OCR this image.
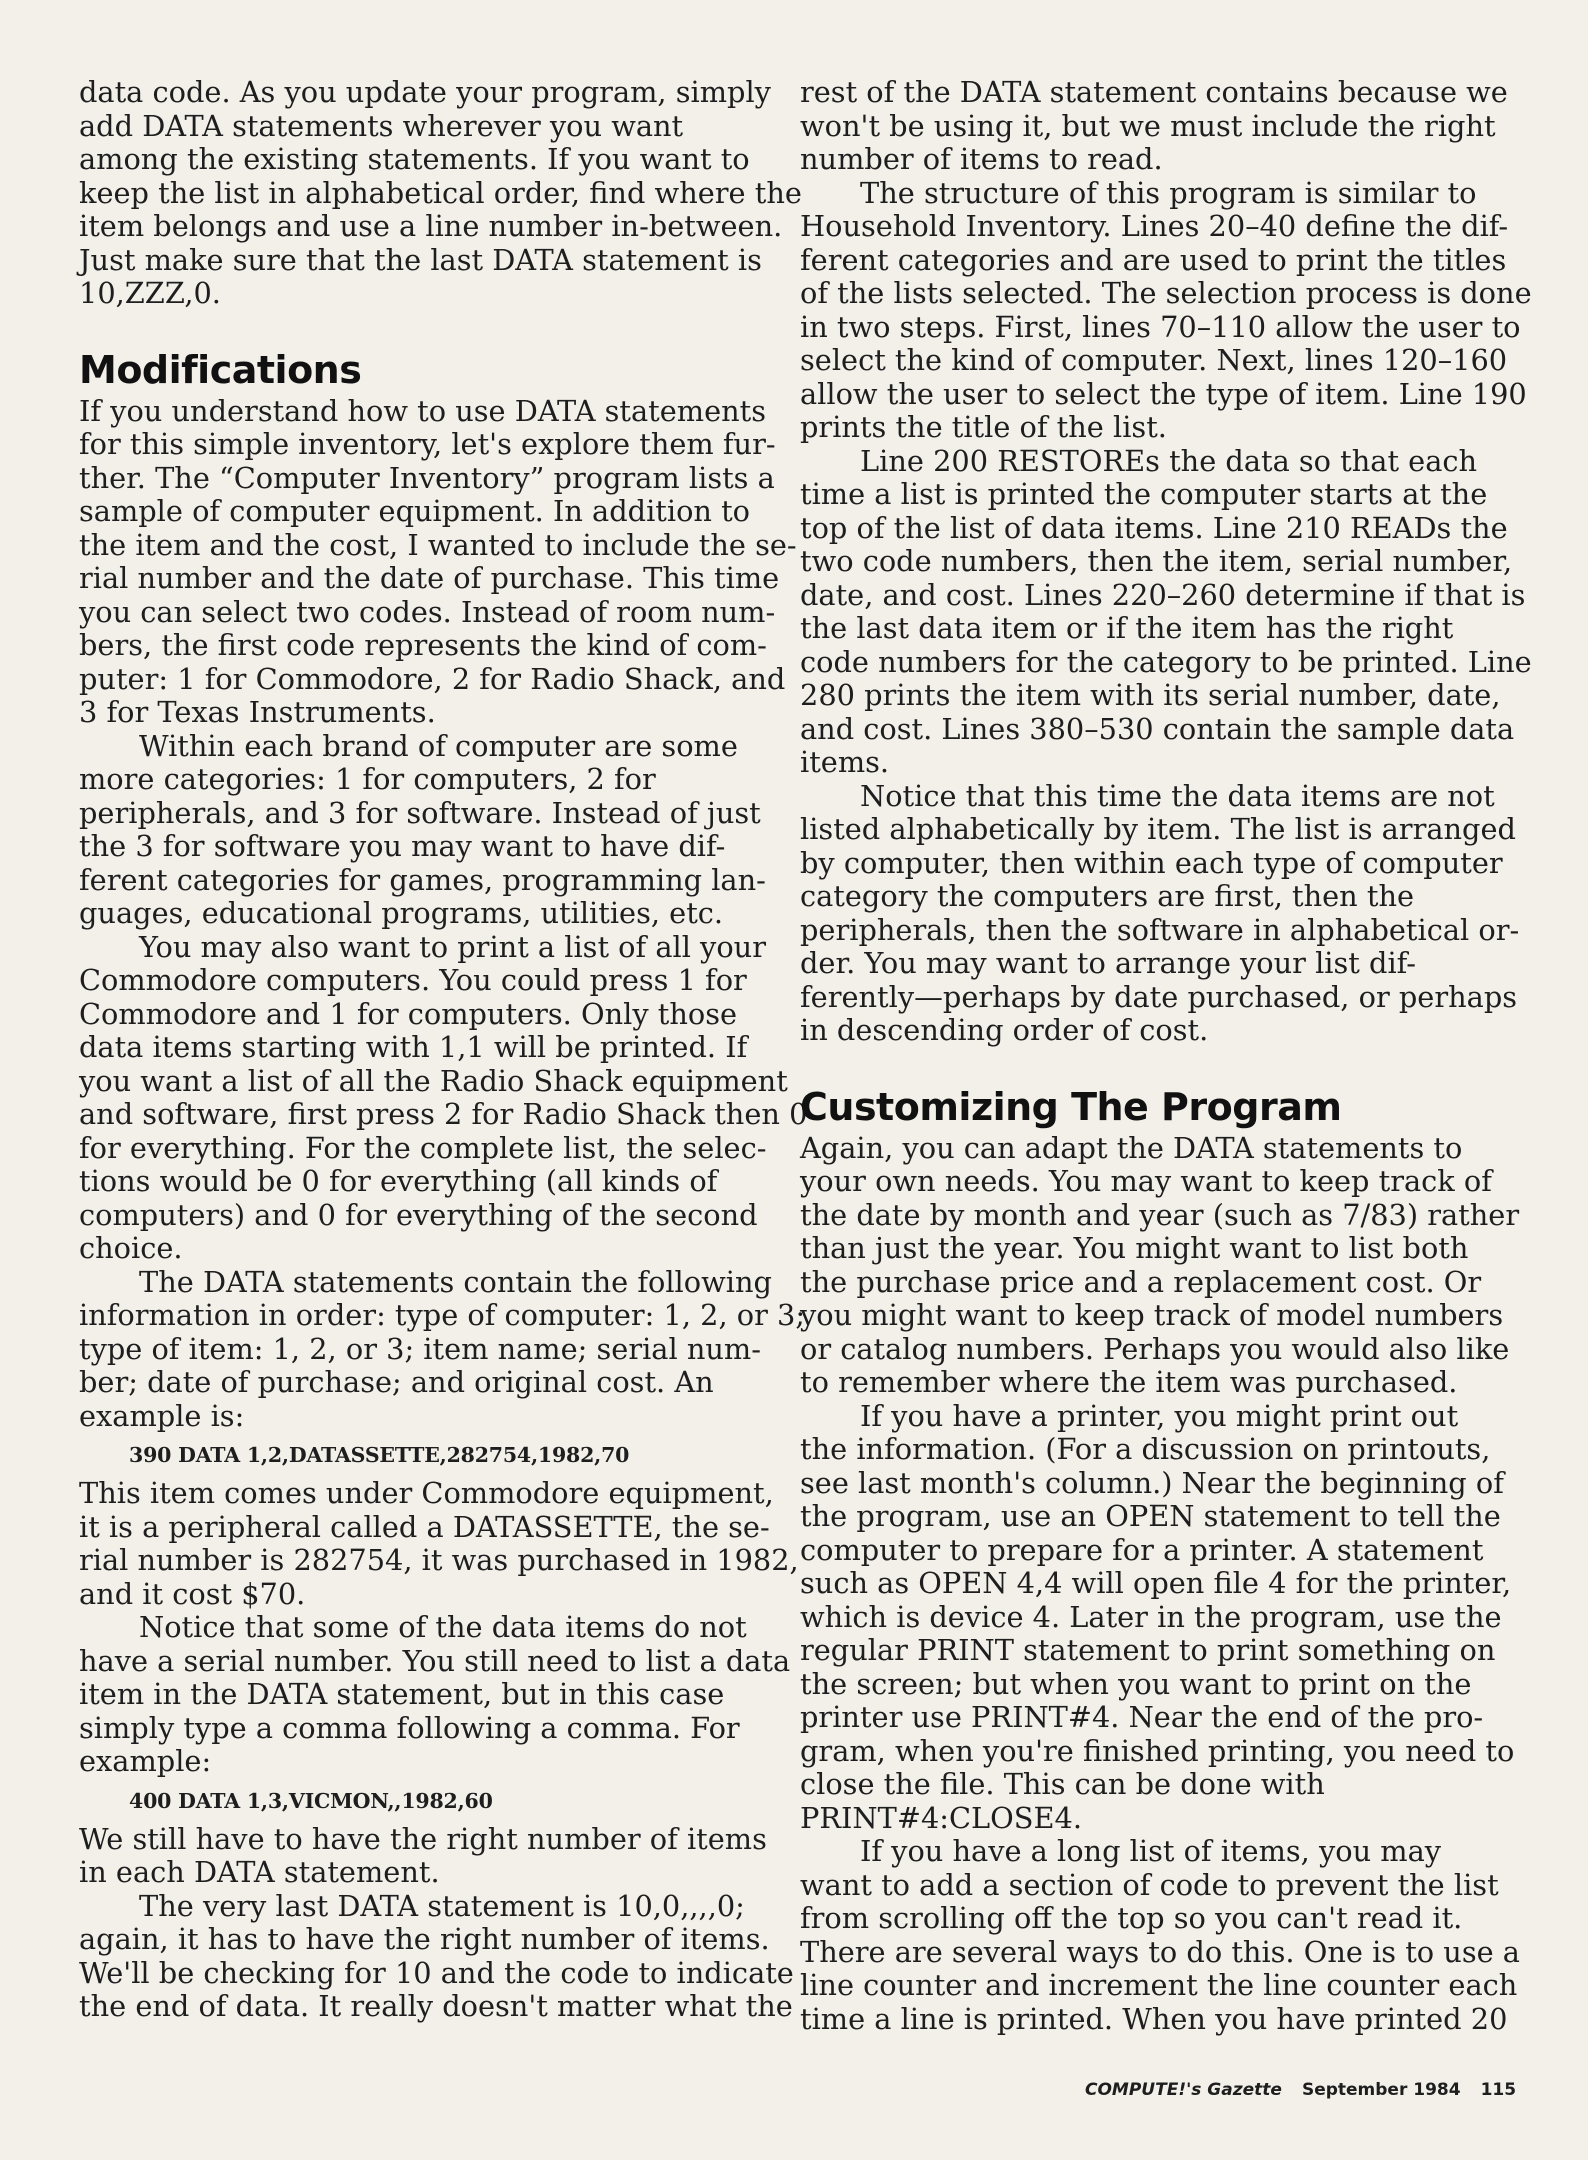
data code. As you update your program, simply
add DATA statements wherever you want
among the existing statements. If you want to
keep the list in alphabetical order, find where the
item belongs and use a line number in-between.
Just make sure that the last DATA statement is
10,ZZZ,0.
Modifications
If you understand how to use DATA statements
for this simple inventory, let's explore them fur-
ther. The “Computer Inventory” program lists a
sample of computer equipment. In addition to
the item and the cost, I wanted to include the se-
rial number and the date of purchase. This time
you can select two codes. Instead of room num-
bers, the first code represents the kind of com-
puter: 1 for Commodore, 2 for Radio Shack, and
3 for Texas Instruments.
Within each brand of computer are some
more categories: 1 for computers, 2 for
peripherals, and 3 for software. Instead of just
the 3 for software you may want to have dif-
ferent categories for games, programming lan-
guages, educational programs, utilities, etc.
You may also want to print a list of all your
Commodore computers. You could press 1 for
Commodore and 1 for computers. Only those
data items starting with 1,1 will be printed. If
you want a list of all the Radio Shack equipment
and software, first press 2 for Radio Shack then 0
for everything. For the complete list, the selec-
tions would be 0 for everything (all kinds of
computers) and 0 for everything of the second
choice.
The DATA statements contain the following
information in order: type of computer: 1, 2, or 3;
type of item: 1, 2, or 3; item name; serial num-
ber; date of purchase; and original cost. An
example is:
390 DATA 1,2,DATASSETTE,282754,1982,70
This item comes under Commodore equipment,
it is a peripheral called a DATASSETTE, the se-
rial number is 282754, it was purchased in 1982,
and it cost $70.
Notice that some of the data items do not
have a serial number. You still need to list a data
item in the DATA statement, but in this case
simply type a comma following a comma. For
example:
400 DATA 1,3,VICMON,,1982,60
We still have to have the right number of items
in each DATA statement.
The very last DATA statement is 10,0,,,,0;
again, it has to have the right number of items.
We'll be checking for 10 and the code to indicate
the end of data. It really doesn't matter what the
rest of the DATA statement contains because we
won't be using it, but we must include the right
number of items to read.
The structure of this program is similar to
Household Inventory. Lines 20–40 define the dif-
ferent categories and are used to print the titles
of the lists selected. The selection process is done
in two steps. First, lines 70–110 allow the user to
select the kind of computer. Next, lines 120–160
allow the user to select the type of item. Line 190
prints the title of the list.
Line 200 RESTOREs the data so that each
time a list is printed the computer starts at the
top of the list of data items. Line 210 READs the
two code numbers, then the item, serial number,
date, and cost. Lines 220–260 determine if that is
the last data item or if the item has the right
code numbers for the category to be printed. Line
280 prints the item with its serial number, date,
and cost. Lines 380–530 contain the sample data
items.
Notice that this time the data items are not
listed alphabetically by item. The list is arranged
by computer, then within each type of computer
category the computers are first, then the
peripherals, then the software in alphabetical or-
der. You may want to arrange your list dif-
ferently—perhaps by date purchased, or perhaps
in descending order of cost.
Customizing The Program
Again, you can adapt the DATA statements to
your own needs. You may want to keep track of
the date by month and year (such as 7/83) rather
than just the year. You might want to list both
the purchase price and a replacement cost. Or
you might want to keep track of model numbers
or catalog numbers. Perhaps you would also like
to remember where the item was purchased.
If you have a printer, you might print out
the information. (For a discussion on printouts,
see last month's column.) Near the beginning of
the program, use an OPEN statement to tell the
computer to prepare for a printer. A statement
such as OPEN 4,4 will open file 4 for the printer,
which is device 4. Later in the program, use the
regular PRINT statement to print something on
the screen; but when you want to print on the
printer use PRINT#4. Near the end of the pro-
gram, when you're finished printing, you need to
close the file. This can be done with
PRINT#4:CLOSE4.
If you have a long list of items, you may
want to add a section of code to prevent the list
from scrolling off the top so you can't read it.
There are several ways to do this. One is to use a
line counter and increment the line counter each
time a line is printed. When you have printed 20
COMPUTE!'s Gazette September 1984 115
